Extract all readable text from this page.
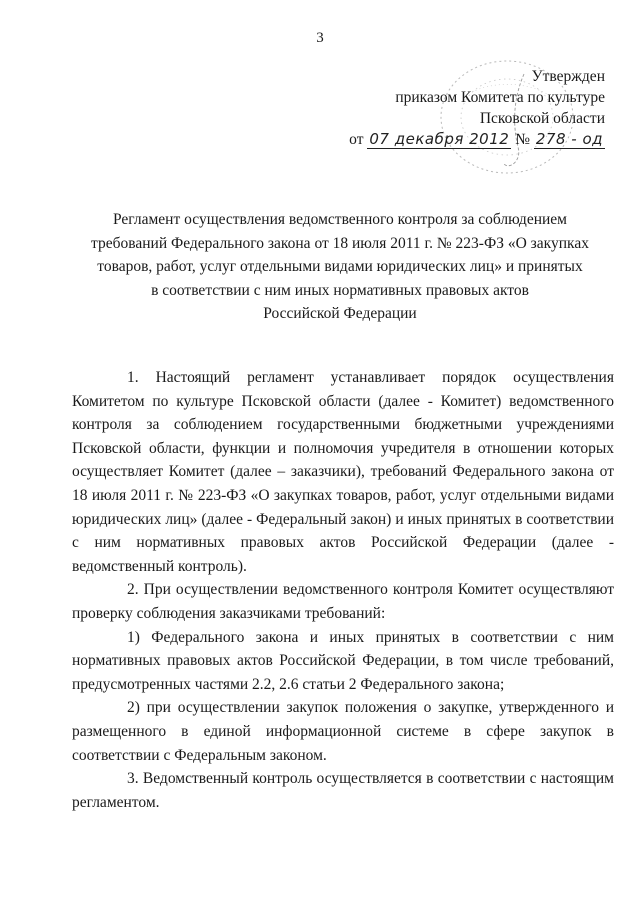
3
Утвержден
приказом Комитета по культуре
Псковской области
от 07 декабря 2012 № 278 - од
Регламент осуществления ведомственного контроля за соблюдением
требований Федерального закона от 18 июля 2011 г. № 223-ФЗ «О закупках
товаров, работ, услуг отдельными видами юридических лиц» и принятых
в соответствии с ним иных нормативных правовых актов
Российской Федерации

1. Настоящий регламент устанавливает порядок осуществления Комитетом по культуре Псковской области (далее - Комитет) ведомственного контроля за соблюдением государственными бюджетными учреждениями Псковской области, функции и полномочия учредителя в отношении которых осуществляет Комитет (далее – заказчики), требований Федерального закона от 18 июля 2011 г. № 223-ФЗ «О закупках товаров, работ, услуг отдельными видами юридических лиц» (далее - Федеральный закон) и иных принятых в соответствии с ним нормативных правовых актов Российской Федерации (далее - ведомственный контроль).

2. При осуществлении ведомственного контроля Комитет осуществляют проверку соблюдения заказчиками требований:

1) Федерального закона и иных принятых в соответствии с ним нормативных правовых актов Российской Федерации, в том числе требований, предусмотренных частями 2.2, 2.6 статьи 2 Федерального закона;

2) при осуществлении закупок положения о закупке, утвержденного и размещенного в единой информационной системе в сфере закупок в соответствии с Федеральным законом.

3. Ведомственный контроль осуществляется в соответствии с настоящим регламентом.
